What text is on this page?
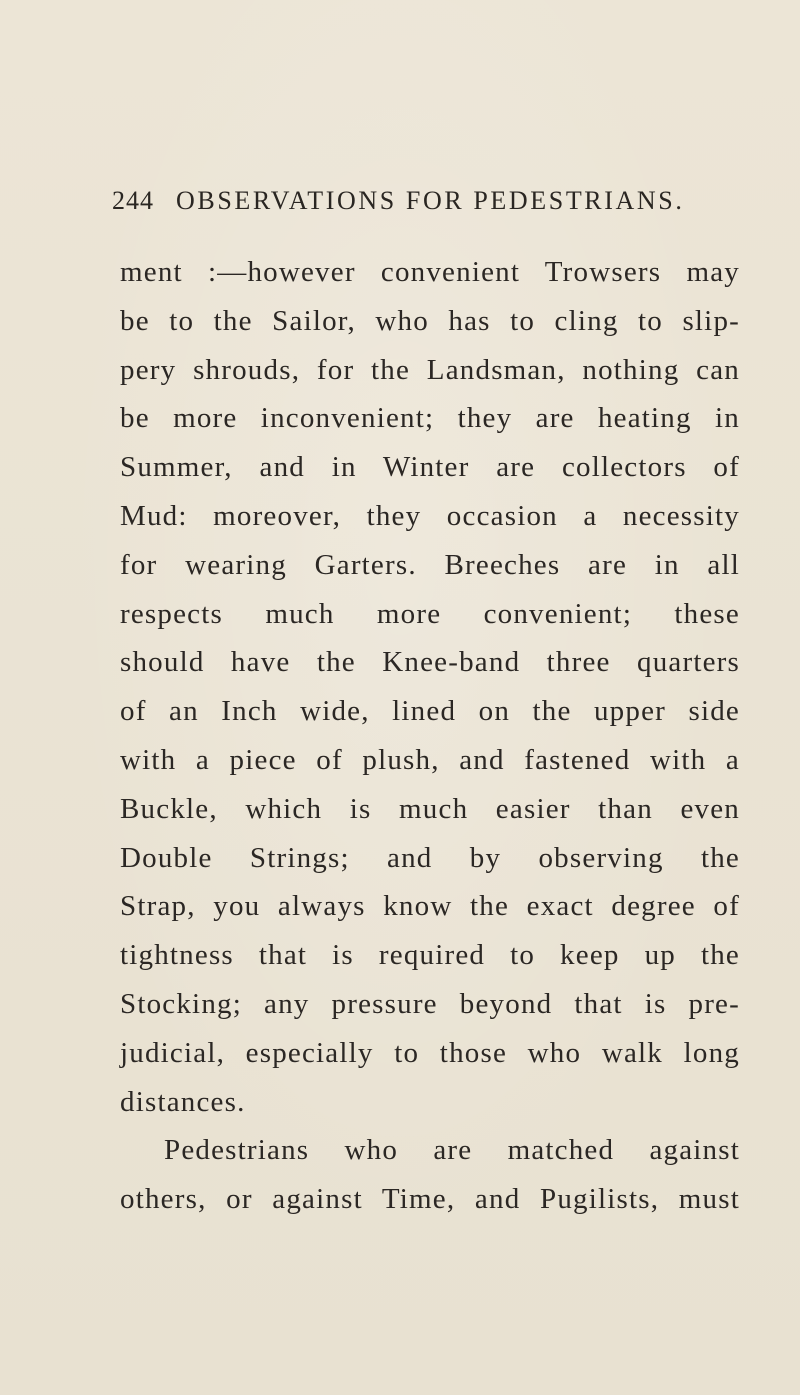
244 OBSERVATIONS FOR PEDESTRIANS.
ment :—however convenient Trowsers may
be to the Sailor, who has to cling to slip-
pery shrouds, for the Landsman, nothing can
be more inconvenient; they are heating in
Summer, and in Winter are collectors of
Mud: moreover, they occasion a necessity
for wearing Garters. Breeches are in all
respects much more convenient; these
should have the Knee-band three quarters
of an Inch wide, lined on the upper side
with a piece of plush, and fastened with a
Buckle, which is much easier than even
Double Strings; and by observing the
Strap, you always know the exact degree of
tightness that is required to keep up the
Stocking; any pressure beyond that is pre-
judicial, especially to those who walk long
distances.
Pedestrians who are matched against
others, or against Time, and Pugilists, must
